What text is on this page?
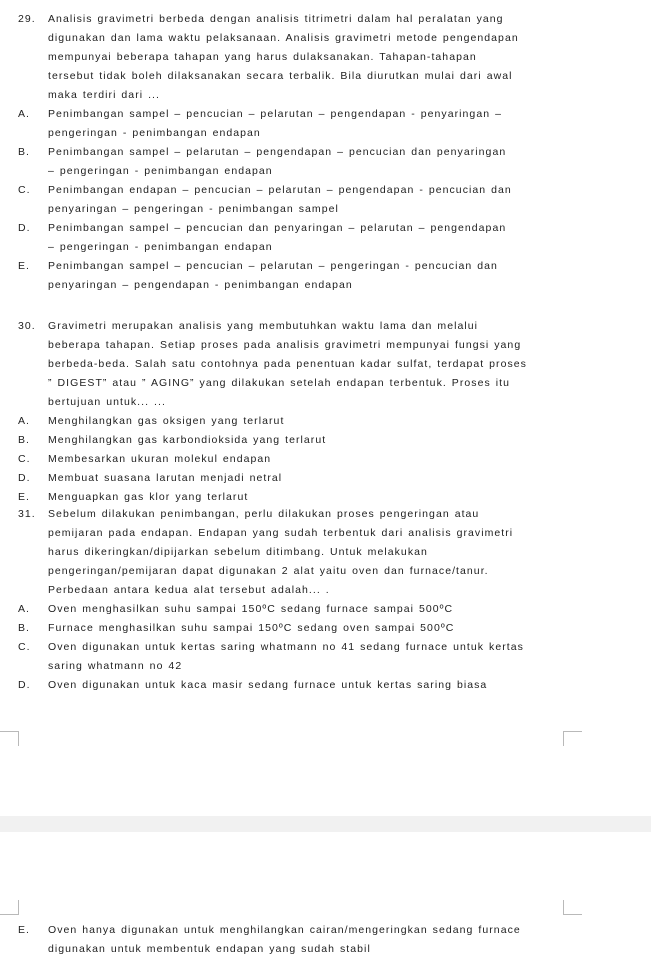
29. Analisis gravimetri berbeda dengan analisis titrimetri dalam hal peralatan yang
digunakan dan lama waktu pelaksanaan. Analisis gravimetri metode pengendapan
mempunyai beberapa tahapan yang harus dulaksanakan. Tahapan-tahapan
tersebut tidak boleh dilaksanakan secara terbalik. Bila diurutkan mulai dari awal
maka terdiri dari ...
A. Penimbangan sampel – pencucian – pelarutan – pengendapan - penyaringan –
pengeringan - penimbangan endapan
B. Penimbangan sampel – pelarutan – pengendapan – pencucian dan penyaringan
– pengeringan - penimbangan endapan
C. Penimbangan endapan – pencucian – pelarutan – pengendapan - pencucian dan
penyaringan – pengeringan - penimbangan sampel
D. Penimbangan sampel – pencucian dan penyaringan – pelarutan – pengendapan
– pengeringan - penimbangan endapan
E. Penimbangan sampel – pencucian – pelarutan – pengeringan - pencucian dan
penyaringan – pengendapan - penimbangan endapan
30. Gravimetri merupakan analisis yang membutuhkan waktu lama dan melalui
beberapa tahapan. Setiap proses pada analisis gravimetri mempunyai fungsi yang
berbeda-beda. Salah satu contohnya pada penentuan kadar sulfat, terdapat proses
” DIGEST” atau ” AGING” yang dilakukan setelah endapan terbentuk. Proses itu
bertujuan untuk... ...
A. Menghilangkan gas oksigen yang terlarut
B. Menghilangkan gas karbondioksida yang terlarut
C. Membesarkan ukuran molekul endapan
D. Membuat suasana larutan menjadi netral
E. Menguapkan gas klor yang terlarut
31. Sebelum dilakukan penimbangan, perlu dilakukan proses pengeringan atau
pemijaran pada endapan. Endapan yang sudah terbentuk dari analisis gravimetri
harus dikeringkan/dipijarkan sebelum ditimbang. Untuk melakukan
pengeringan/pemijaran dapat digunakan 2 alat yaitu oven dan furnace/tanur.
Perbedaan antara kedua alat tersebut adalah... .
A. Oven menghasilkan suhu sampai 150ºC sedang furnace sampai 500ºC
B. Furnace menghasilkan suhu sampai 150ºC sedang oven sampai 500ºC
C. Oven digunakan untuk kertas saring whatmann no 41 sedang furnace untuk kertas
saring whatmann no 42
D. Oven digunakan untuk kaca masir sedang furnace untuk kertas saring biasa
E. Oven hanya digunakan untuk menghilangkan cairan/mengeringkan sedang furnace
digunakan untuk membentuk endapan yang sudah stabil
